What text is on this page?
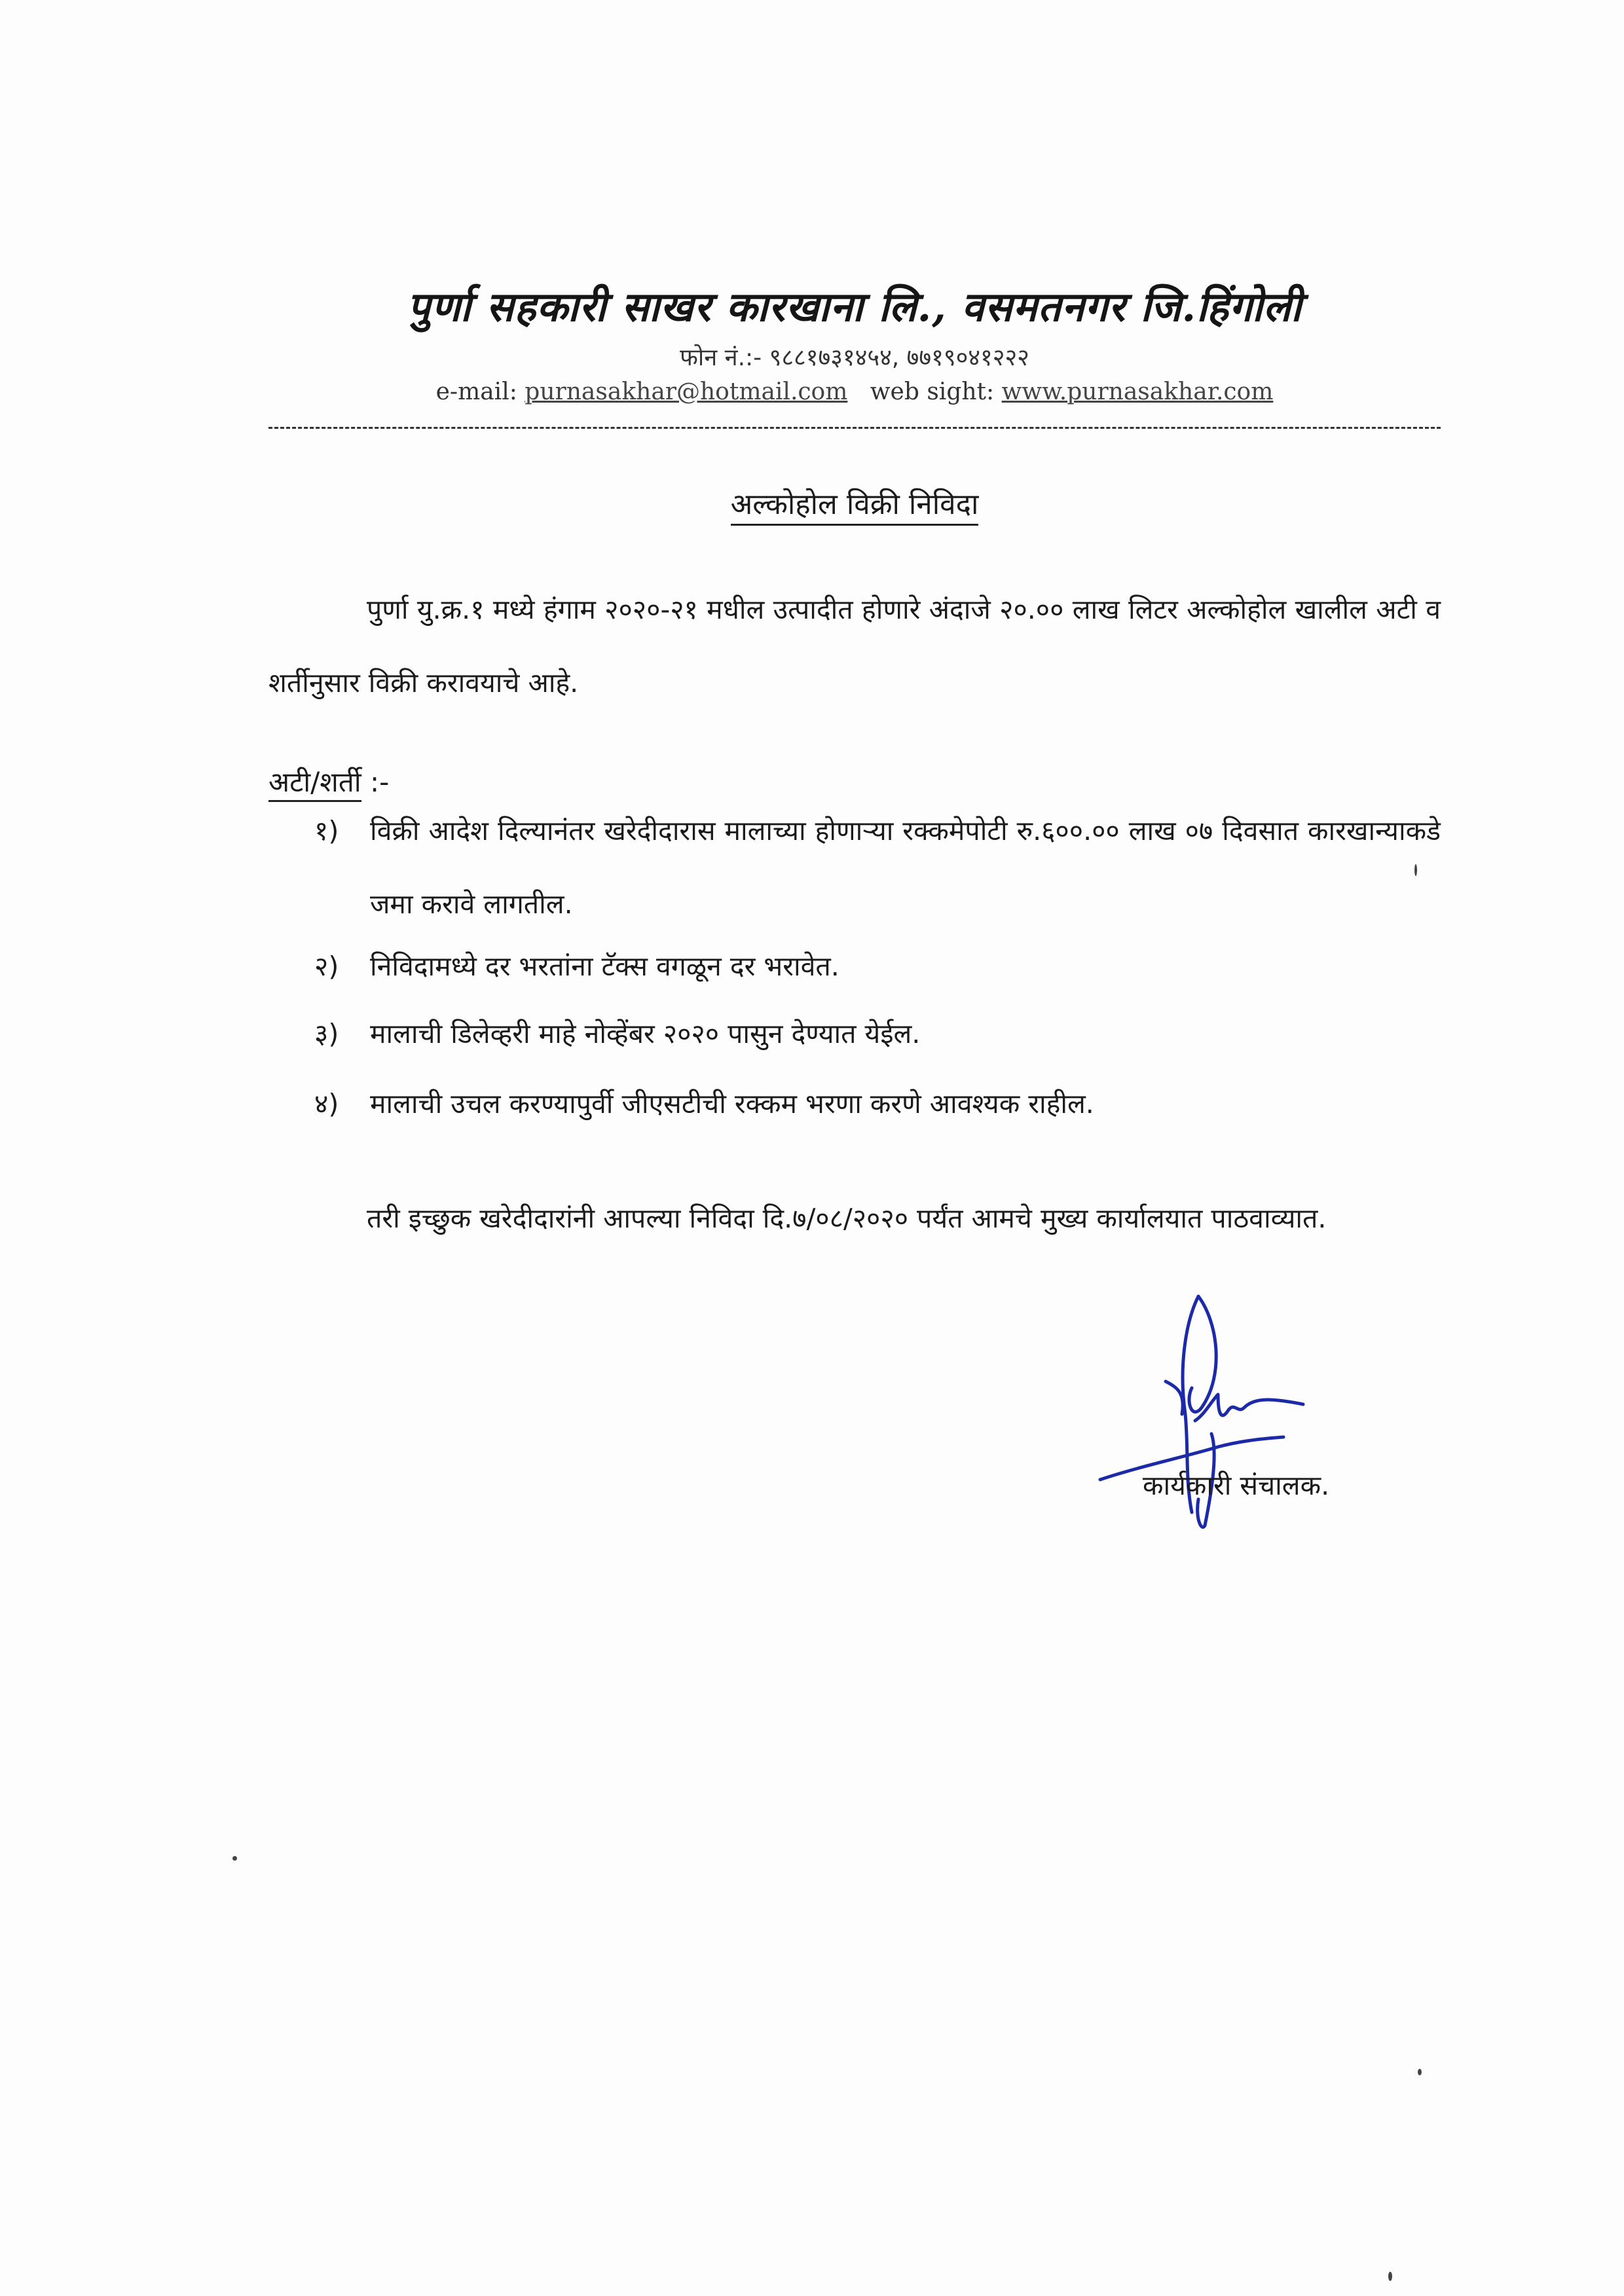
पुर्णा सहकारी साखर कारखाना लि., वसमतनगर जि.हिंगोली
फोन नं.:- ९८८१७३१४५४, ७७१९०४१२२२
e-mail: purnasakhar@hotmail.com web sight: www.purnasakhar.com
अल्कोहोल विक्री निविदा
पुर्णा यु.क्र.१ मध्ये हंगाम २०२०-२१ मधील उत्पादीत होणारे अंदाजे २०.०० लाख लिटर अल्कोहोल खालील अटी व शर्तीनुसार विक्री करावयाचे आहे.
अटी/शर्ती :-
१)	विक्री आदेश दिल्यानंतर खरेदीदारास मालाच्या होणाऱ्या रक्कमेपोटी रु.६००.०० लाख ०७ दिवसात कारखान्याकडे जमा करावे लागतील.
२)	निविदामध्ये दर भरतांना टॅक्स वगळून दर भरावेत.
३)	मालाची डिलेव्हरी माहे नोव्हेंबर २०२० पासुन देण्यात येईल.
४)	मालाची उचल करण्यापुर्वी जीएसटीची रक्कम भरणा करणे आवश्यक राहील.
तरी इच्छुक खरेदीदारांनी आपल्या निविदा दि.७/०८/२०२० पर्यंत आमचे मुख्य कार्यालयात पाठवाव्यात.
कार्यकारी संचालक.
